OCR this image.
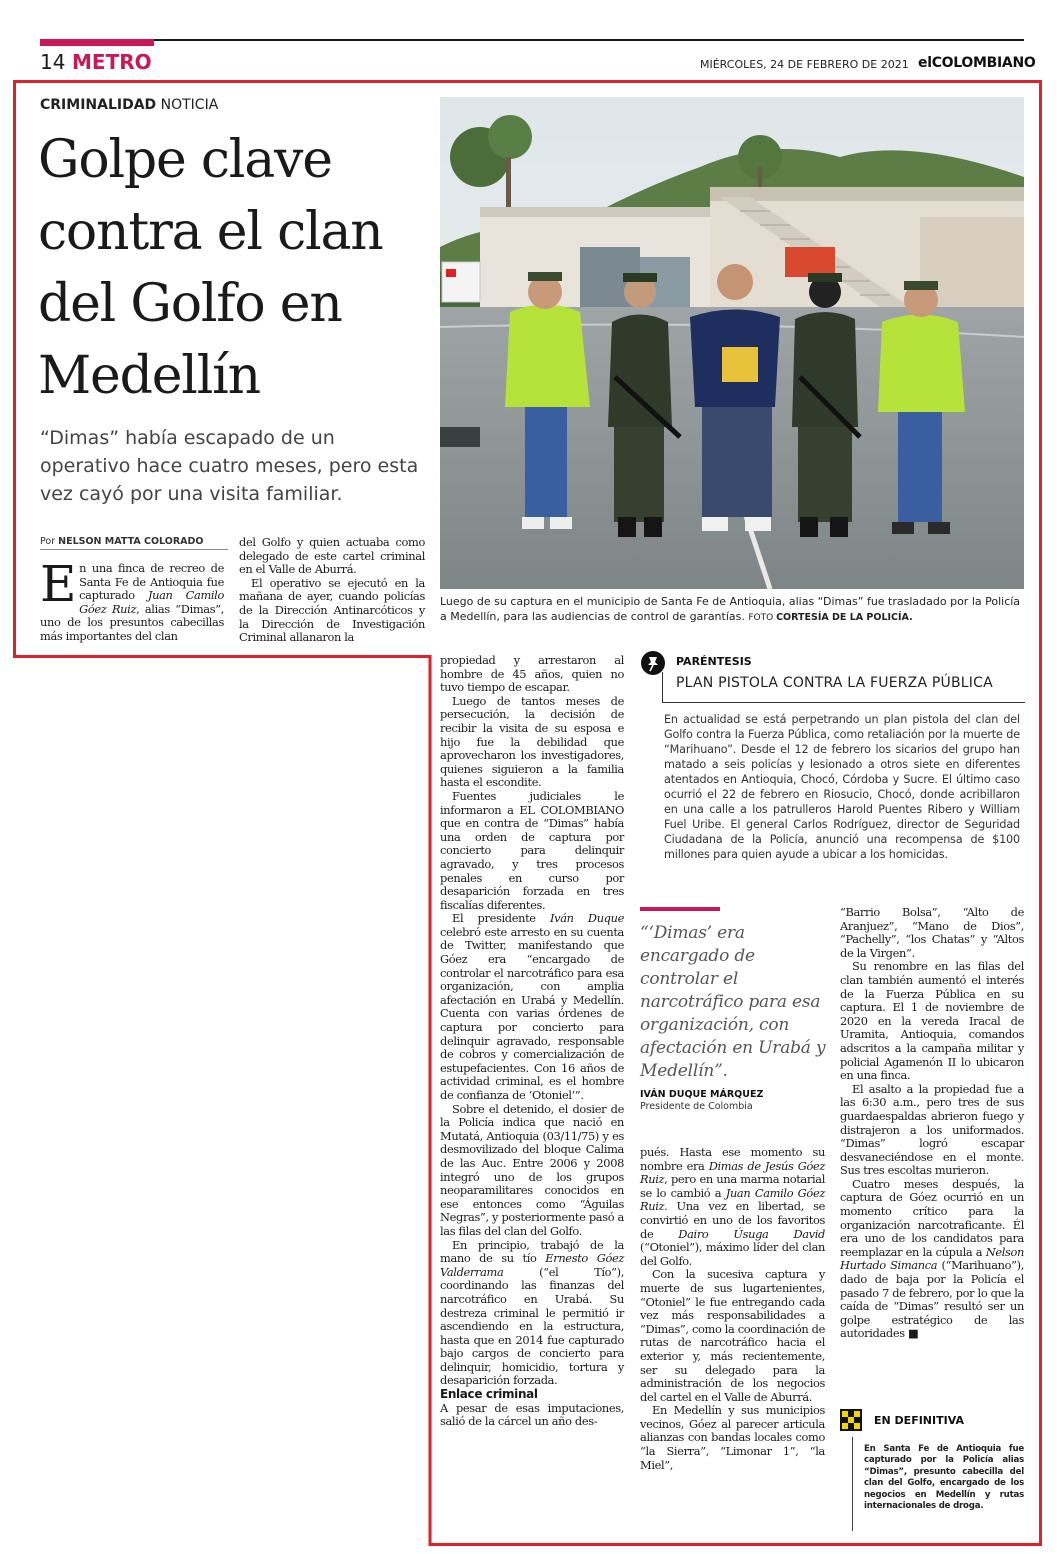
14 METRO	MIÉRCOLES, 24 DE FEBRERO DE 2021 elCOLOMBIANO
CRIMINALIDAD NOTICIA
Golpe clave contra el clan del Golfo en Medellín

“Dimas” había escapado de un operativo hace cuatro meses, pero esta vez cayó por una visita familiar.

Por NELSON MATTA COLORADO

En una finca de recreo de Santa Fe de Antioquia fue capturado Juan Camilo Góez Ruiz, alias “Dimas”, uno de los presuntos cabecillas más importantes del clan

del Golfo y quien actuaba como delegado de este cartel criminal en el Valle de Aburrá.

El operativo se ejecutó en la mañana de ayer, cuando policías de la Dirección Antinarcóticos y la Dirección de Investigación Criminal allanaron la

Luego de su captura en el municipio de Santa Fe de Antioquia, alias “Dimas” fue trasladado por la Policía a Medellín, para las audiencias de control de garantías. FOTO CORTESÍA DE LA POLICÍA.

propiedad y arrestaron al hombre de 45 años, quien no tuvo tiempo de escapar.

Luego de tantos meses de persecución, la decisión de recibir la visita de su esposa e hijo fue la debilidad que aprovecharon los investigadores, quienes siguieron a la familia hasta el escondite.

Fuentes judiciales le informaron a EL COLOMBIANO que en contra de “Dimas” había una orden de captura por concierto para delinquir agravado, y tres procesos penales en curso por desaparición forzada en tres fiscalías diferentes.

El presidente Iván Duque celebró este arresto en su cuenta de Twitter, manifestando que Góez era “encargado de controlar el narcotráfico para esa organización, con amplia afectación en Urabá y Medellín. Cuenta con varias órdenes de captura por concierto para delinquir agravado, responsable de cobros y comercialización de estupefacientes. Con 16 años de actividad criminal, es el hombre de confianza de ‘Otoniel’”.

Sobre el detenido, el dosier de la Policía indica que nació en Mutatá, Antioquia (03/11/75) y es desmovilizado del bloque Calima de las Auc. Entre 2006 y 2008 integró uno de los grupos neoparamilitares conocidos en ese entonces como “Águilas Negras”, y posteriormente pasó a las filas del clan del Golfo.

En principio, trabajó de la mano de su tío Ernesto Góez Valderrama (“el Tío”), coordinando las finanzas del narcotráfico en Urabá. Su destreza criminal le permitió ir ascendiendo en la estructura, hasta que en 2014 fue capturado bajo cargos de concierto para delinquir, homicidio, tortura y desaparición forzada.

Enlace criminal

A pesar de esas imputaciones, salió de la cárcel un año des-

PARÉNTESIS
PLAN PISTOLA CONTRA LA FUERZA PÚBLICA

En actualidad se está perpetrando un plan pistola del clan del Golfo contra la Fuerza Pública, como retaliación por la muerte de “Marihuano”. Desde el 12 de febrero los sicarios del grupo han matado a seis policías y lesionado a otros siete en diferentes atentados en Antioquia, Chocó, Córdoba y Sucre. El último caso ocurrió el 22 de febrero en Riosucio, Chocó, donde acribillaron en una calle a los patrulleros Harold Puentes Ribero y William Fuel Uribe. El general Carlos Rodríguez, director de Seguridad Ciudadana de la Policía, anunció una recompensa de $100 millones para quien ayude a ubicar a los homicidas.

“‘Dimas’ era encargado de controlar el narcotráfico para esa organización, con afectación en Urabá y Medellín”.

IVÁN DUQUE MÁRQUEZ
Presidente de Colombia

pués. Hasta ese momento su nombre era Dimas de Jesús Góez Ruiz, pero en una marma notarial se lo cambió a Juan Camilo Góez Ruiz. Una vez en libertad, se convirtió en uno de los favoritos de Dairo Úsuga David (“Otoniel”), máximo líder del clan del Golfo.

Con la sucesiva captura y muerte de sus lugartenientes, “Otoniel” le fue entregando cada vez más responsabilidades a “Dimas”, como la coordinación de rutas de narcotráfico hacia el exterior y, más recientemente, ser su delegado para la administración de los negocios del cartel en el Valle de Aburrá.

En Medellín y sus municipios vecinos, Góez al parecer articula alianzas con bandas locales como “la Sierra”, “Limonar 1”, “la Miel”,

“Barrio Bolsa”, “Alto de Aranjuez”, “Mano de Dios”, “Pachelly”, “los Chatas” y “Altos de la Virgen”.

Su renombre en las filas del clan también aumentó el interés de la Fuerza Pública en su captura. El 1 de noviembre de 2020 en la vereda Iracal de Uramita, Antioquia, comandos adscritos a la campaña militar y policial Agamenón II lo ubicaron en una finca.

El asalto a la propiedad fue a las 6:30 a.m., pero tres de sus guardaespaldas abrieron fuego y distrajeron a los uniformados. “Dimas” logró escapar desvaneciéndose en el monte. Sus tres escoltas murieron.

Cuatro meses después, la captura de Góez ocurrió en un momento crítico para la organización narcotraficante. Él era uno de los candidatos para reemplazar en la cúpula a Nelson Hurtado Simanca (“Marihuano”), dado de baja por la Policía el pasado 7 de febrero, por lo que la caída de “Dimas” resultó ser un golpe estratégico de las autoridades ■

EN DEFINITIVA

En Santa Fe de Antioquia fue capturado por la Policía alias “Dimas”, presunto cabecilla del clan del Golfo, encargado de los negocios en Medellín y rutas internacionales de droga.
